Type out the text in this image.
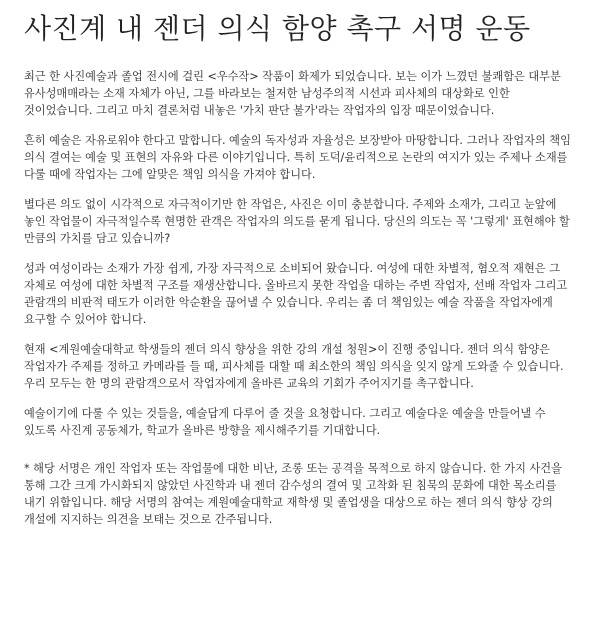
사진계 내 젠더 의식 함양 촉구 서명 운동

최근 한 사진예술과 졸업 전시에 걸린 <우수작> 작품이 화제가 되었습니다. 보는 이가 느꼈던 불쾌함은 대부분 유사성매매라는 소재 자체가 아닌, 그를 바라보는 철저한 남성주의적 시선과 피사체의 대상화로 인한 것이었습니다. 그리고 마치 결론처럼 내놓은 '가치 판단 불가'라는 작업자의 입장 때문이었습니다.

흔히 예술은 자유로워야 한다고 말합니다. 예술의 독자성과 자율성은 보장받아 마땅합니다. 그러나 작업자의 책임 의식 결여는 예술 및 표현의 자유와 다른 이야기입니다. 특히 도덕/윤리적으로 논란의 여지가 있는 주제나 소재를 다룰 때에 작업자는 그에 알맞은 책임 의식을 가져야 합니다.

별다른 의도 없이 시각적으로 자극적이기만 한 작업은, 사진은 이미 충분합니다. 주제와 소재가, 그리고 눈앞에 놓인 작업물이 자극적일수록 현명한 관객은 작업자의 의도를 묻게 됩니다. 당신의 의도는 꼭 '그렇게' 표현해야 할 만큼의 가치를 담고 있습니까?

성과 여성이라는 소재가 가장 쉽게, 가장 자극적으로 소비되어 왔습니다. 여성에 대한 차별적, 혐오적 재현은 그 자체로 여성에 대한 차별적 구조를 재생산합니다. 올바르지 못한 작업을 대하는 주변 작업자, 선배 작업자 그리고 관람객의 비판적 태도가 이러한 악순환을 끊어낼 수 있습니다. 우리는 좀 더 책임있는 예술 작품을 작업자에게 요구할 수 있어야 합니다.

현재 <계원예술대학교 학생들의 젠더 의식 향상을 위한 강의 개설 청원>이 진행 중입니다. 젠더 의식 함양은 작업자가 주제를 정하고 카메라를 들 때, 피사체를 대할 때 최소한의 책임 의식을 잊지 않게 도와줄 수 있습니다. 우리 모두는 한 명의 관람객으로서 작업자에게 올바른 교육의 기회가 주어지기를 촉구합니다.

예술이기에 다룰 수 있는 것들을, 예술답게 다루어 줄 것을 요청합니다. 그리고 예술다운 예술을 만들어낼 수 있도록 사진계 공동체가, 학교가 올바른 방향을 제시해주기를 기대합니다.

* 해당 서명은 개인 작업자 또는 작업물에 대한 비난, 조롱 또는 공격을 목적으로 하지 않습니다. 한 가지 사건을 통해 그간 크게 가시화되지 않았던 사진학과 내 젠더 감수성의 결여 및 고착화 된 침묵의 문화에 대한 목소리를 내기 위함입니다. 해당 서명의 참여는 계원예술대학교 재학생 및 졸업생을 대상으로 하는 젠더 의식 향상 강의 개설에 지지하는 의견을 보태는 것으로 간주됩니다.
